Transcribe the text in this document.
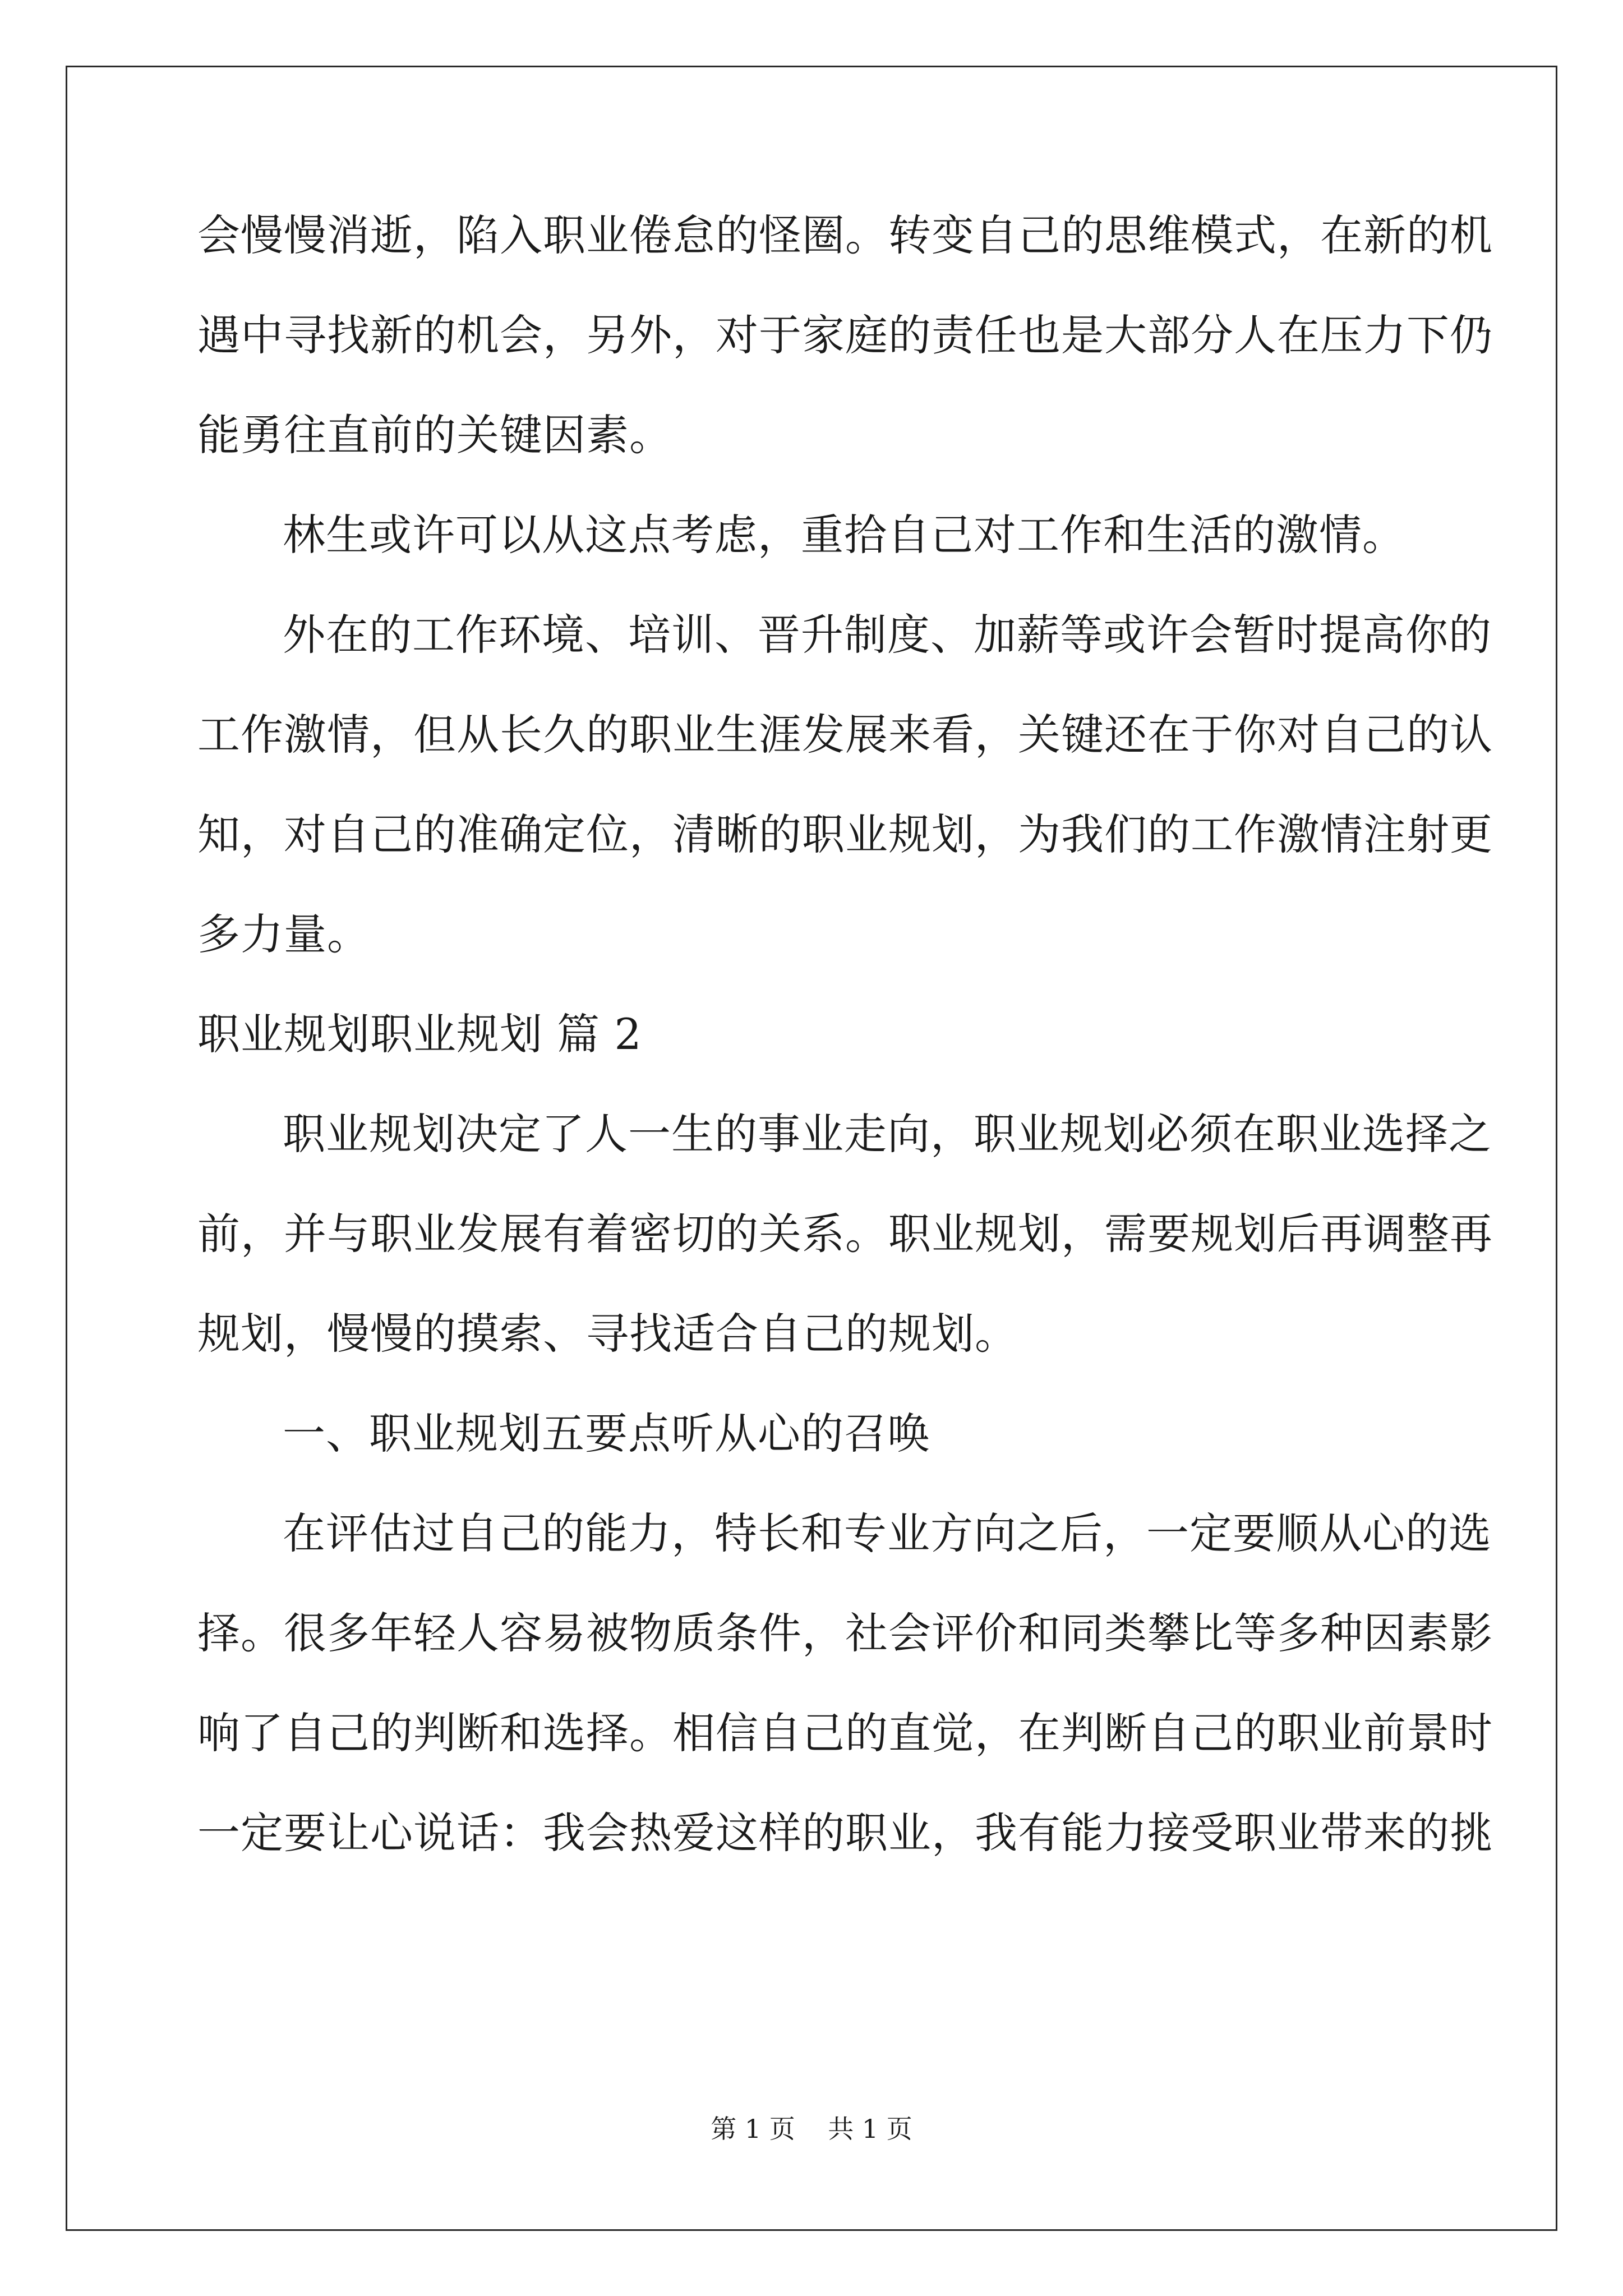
会慢慢消逝，陷入职业倦怠的怪圈。转变自己的思维模式，在新的机
遇中寻找新的机会，另外，对于家庭的责任也是大部分人在压力下仍
能勇往直前的关键因素。
林生或许可以从这点考虑，重拾自己对工作和生活的激情。
外在的工作环境、培训、晋升制度、加薪等或许会暂时提高你的
工作激情，但从长久的职业生涯发展来看，关键还在于你对自己的认
知，对自己的准确定位，清晰的职业规划，为我们的工作激情注射更
多力量。
职业规划职业规划 篇 2
职业规划决定了人一生的事业走向，职业规划必须在职业选择之
前，并与职业发展有着密切的关系。职业规划，需要规划后再调整再
规划，慢慢的摸索、寻找适合自己的规划。
一、职业规划五要点听从心的召唤
在评估过自己的能力，特长和专业方向之后，一定要顺从心的选
择。很多年轻人容易被物质条件，社会评价和同类攀比等多种因素影
响了自己的判断和选择。相信自己的直觉，在判断自己的职业前景时
一定要让心说话：我会热爱这样的职业，我有能力接受职业带来的挑
第 1 页    共 1 页
